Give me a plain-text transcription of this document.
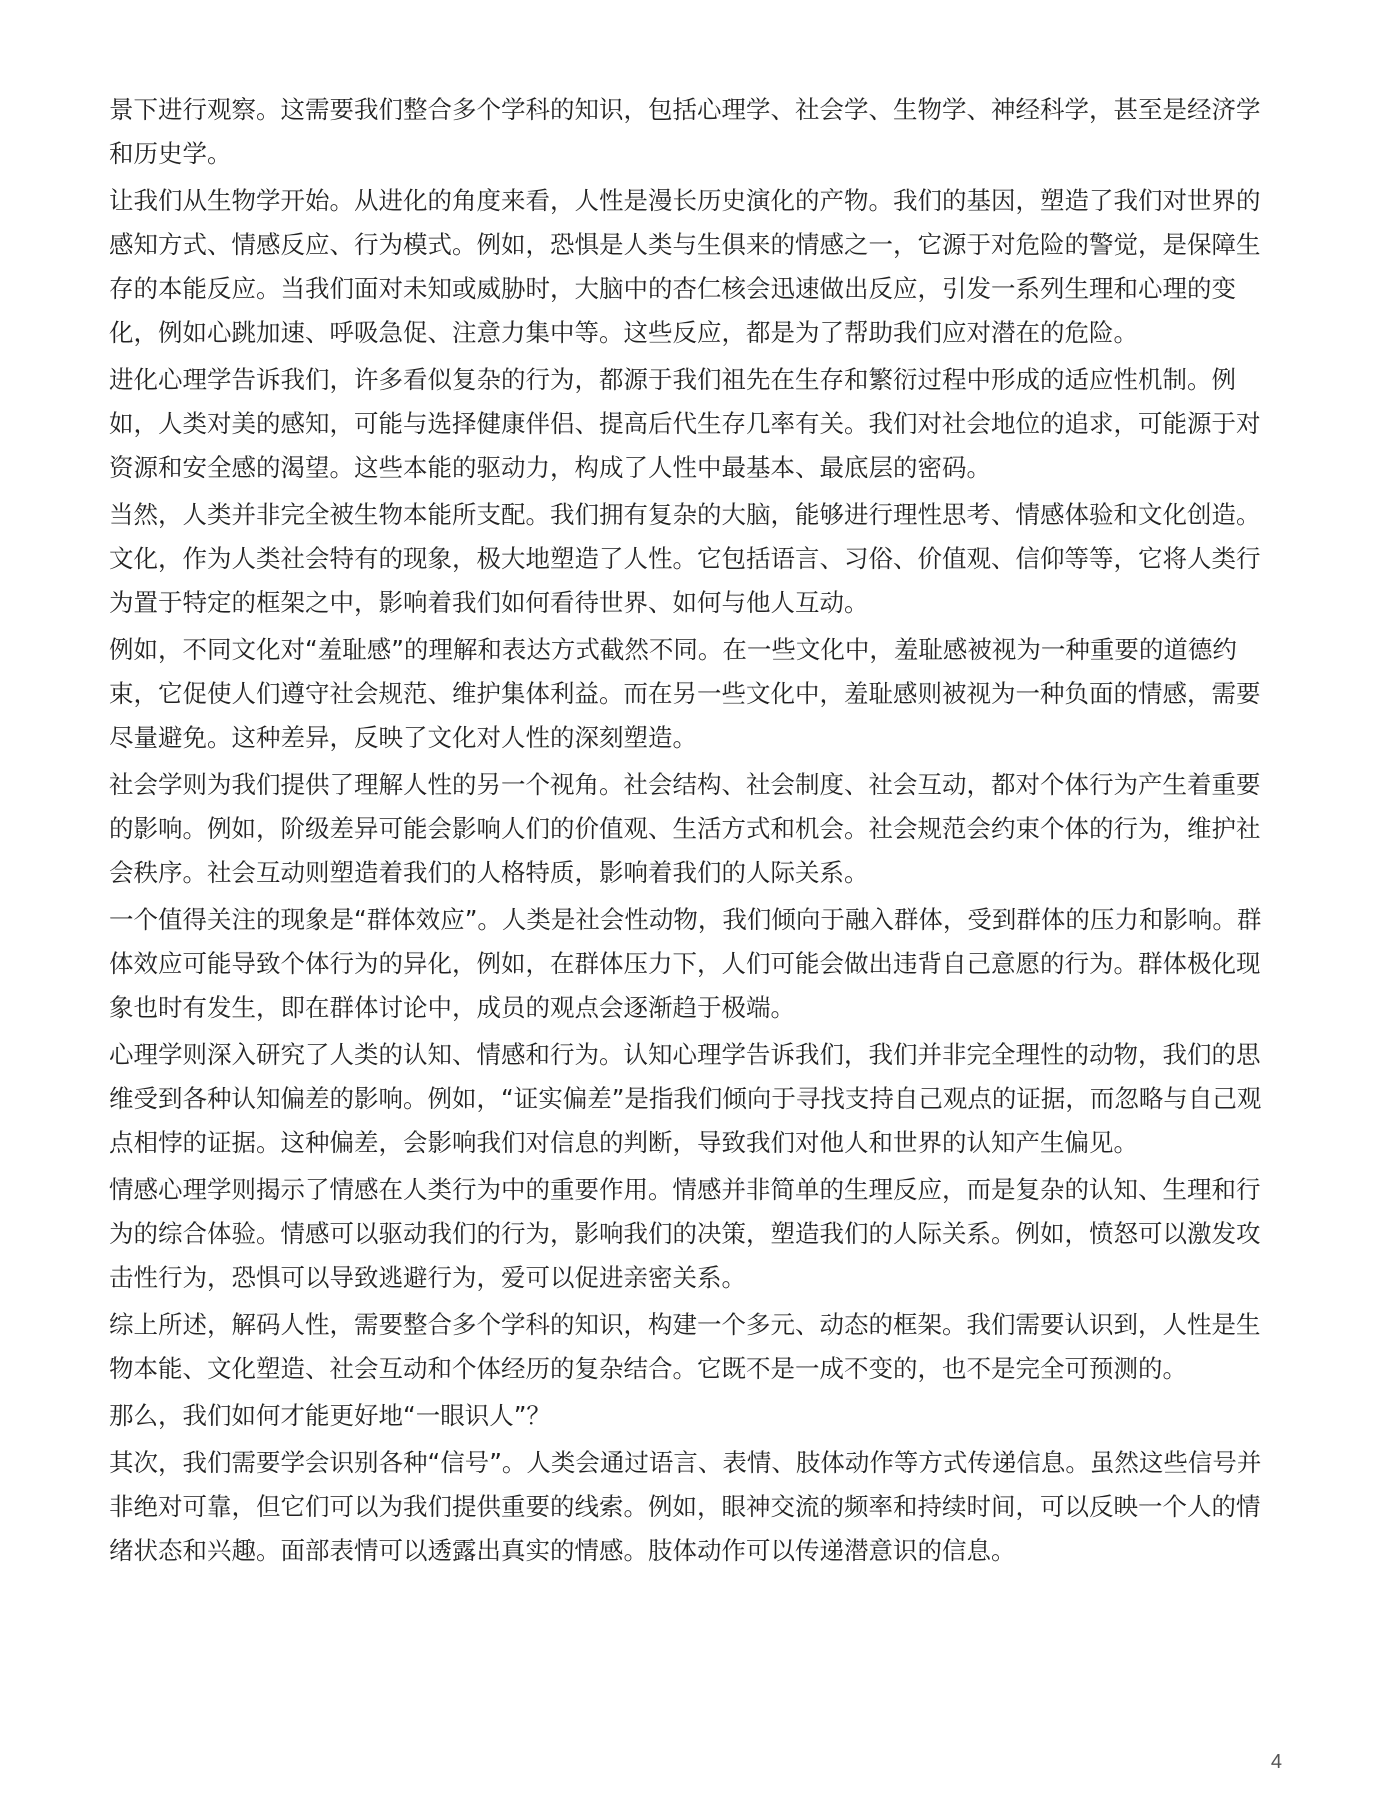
景下进行观察。这需要我们整合多个学科的知识，包括心理学、社会学、生物学、神经科学，甚至是经济学和历史学。

让我们从生物学开始。从进化的角度来看，人性是漫长历史演化的产物。我们的基因，塑造了我们对世界的感知方式、情感反应、行为模式。例如，恐惧是人类与生俱来的情感之一，它源于对危险的警觉，是保障生存的本能反应。当我们面对未知或威胁时，大脑中的杏仁核会迅速做出反应，引发一系列生理和心理的变化，例如心跳加速、呼吸急促、注意力集中等。这些反应，都是为了帮助我们应对潜在的危险。

进化心理学告诉我们，许多看似复杂的行为，都源于我们祖先在生存和繁衍过程中形成的适应性机制。例如，人类对美的感知，可能与选择健康伴侣、提高后代生存几率有关。我们对社会地位的追求，可能源于对资源和安全感的渴望。这些本能的驱动力，构成了人性中最基本、最底层的密码。

当然，人类并非完全被生物本能所支配。我们拥有复杂的大脑，能够进行理性思考、情感体验和文化创造。文化，作为人类社会特有的现象，极大地塑造了人性。它包括语言、习俗、价值观、信仰等等，它将人类行为置于特定的框架之中，影响着我们如何看待世界、如何与他人互动。

例如，不同文化对“羞耻感”的理解和表达方式截然不同。在一些文化中，羞耻感被视为一种重要的道德约束，它促使人们遵守社会规范、维护集体利益。而在另一些文化中，羞耻感则被视为一种负面的情感，需要尽量避免。这种差异，反映了文化对人性的深刻塑造。

社会学则为我们提供了理解人性的另一个视角。社会结构、社会制度、社会互动，都对个体行为产生着重要的影响。例如，阶级差异可能会影响人们的价值观、生活方式和机会。社会规范会约束个体的行为，维护社会秩序。社会互动则塑造着我们的人格特质，影响着我们的人际关系。

一个值得关注的现象是“群体效应”。人类是社会性动物，我们倾向于融入群体，受到群体的压力和影响。群体效应可能导致个体行为的异化，例如，在群体压力下，人们可能会做出违背自己意愿的行为。群体极化现象也时有发生，即在群体讨论中，成员的观点会逐渐趋于极端。

心理学则深入研究了人类的认知、情感和行为。认知心理学告诉我们，我们并非完全理性的动物，我们的思维受到各种认知偏差的影响。例如，“证实偏差”是指我们倾向于寻找支持自己观点的证据，而忽略与自己观点相悖的证据。这种偏差，会影响我们对信息的判断，导致我们对他人和世界的认知产生偏见。

情感心理学则揭示了情感在人类行为中的重要作用。情感并非简单的生理反应，而是复杂的认知、生理和行为的综合体验。情感可以驱动我们的行为，影响我们的决策，塑造我们的人际关系。例如，愤怒可以激发攻击性行为，恐惧可以导致逃避行为，爱可以促进亲密关系。

综上所述，解码人性，需要整合多个学科的知识，构建一个多元、动态的框架。我们需要认识到，人性是生物本能、文化塑造、社会互动和个体经历的复杂结合。它既不是一成不变的，也不是完全可预测的。

那么，我们如何才能更好地“一眼识人”？

其次，我们需要学会识别各种“信号”。人类会通过语言、表情、肢体动作等方式传递信息。虽然这些信号并非绝对可靠，但它们可以为我们提供重要的线索。例如，眼神交流的频率和持续时间，可以反映一个人的情绪状态和兴趣。面部表情可以透露出真实的情感。肢体动作可以传递潜意识的信息。

4
